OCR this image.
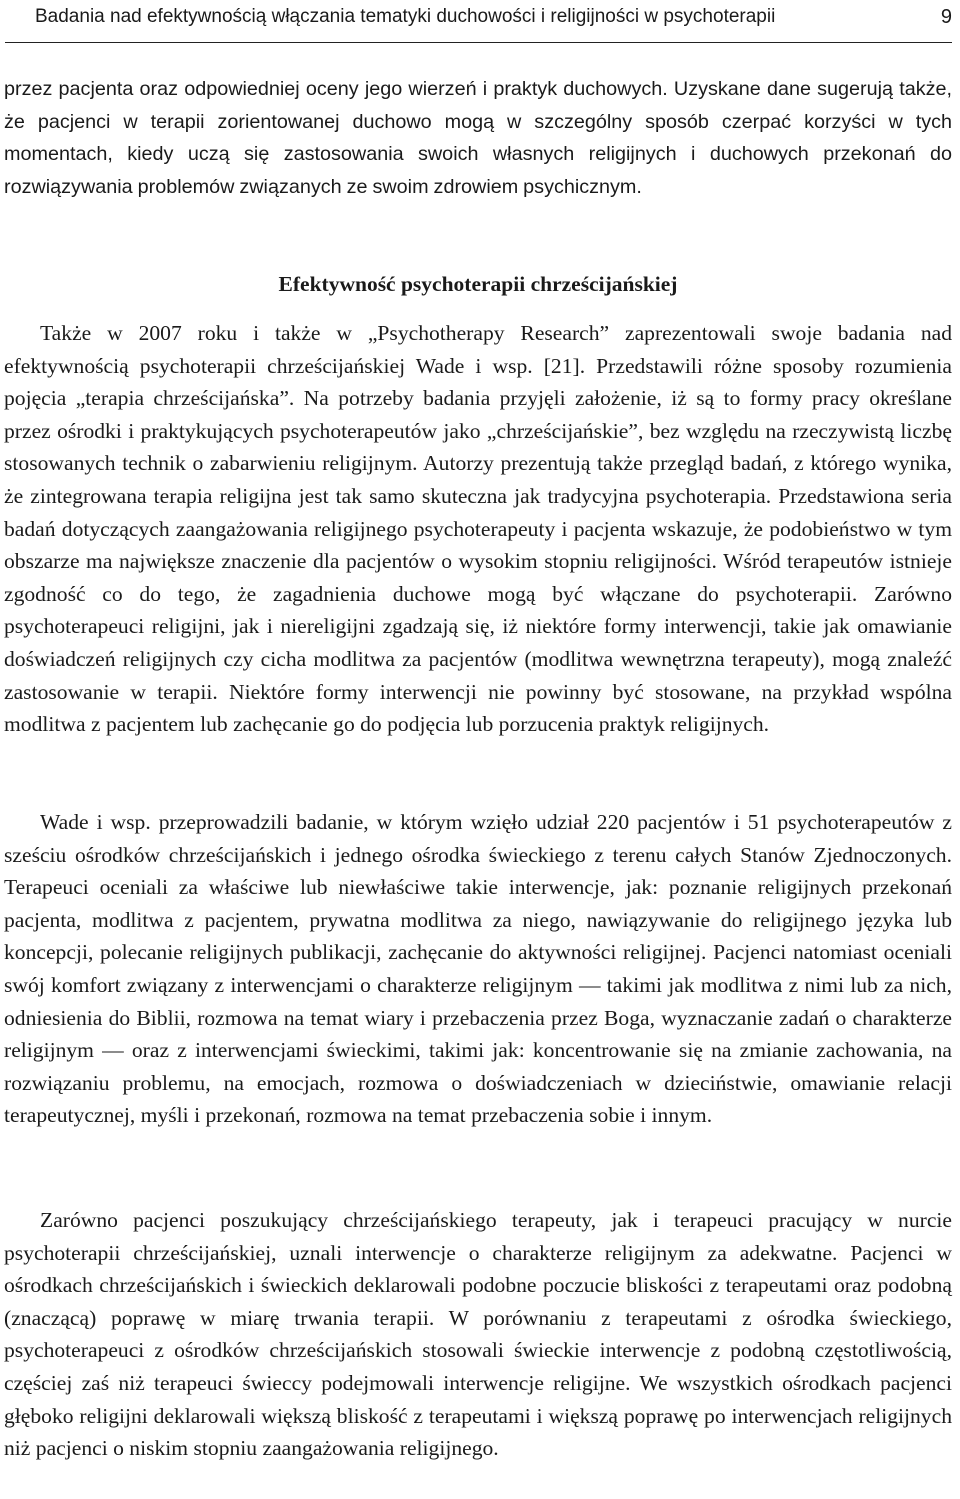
Badania nad efektywnością włączania tematyki duchowości i religijności w psychoterapii	9

przez pacjenta oraz odpowiedniej oceny jego wierzeń i praktyk duchowych. Uzyskane dane sugerują także, że pacjenci w terapii zorientowanej duchowo mogą w szczególny sposób czerpać korzyści w tych momentach, kiedy uczą się zastosowania swoich własnych religijnych i duchowych przekonań do rozwiązywania problemów związanych ze swoim zdrowiem psychicznym.

Efektywność psychoterapii chrześcijańskiej

Także w 2007 roku i także w „Psychotherapy Research” zaprezentowali swoje badania nad efektywnością psychoterapii chrześcijańskiej Wade i wsp. [21]. Przedstawili różne sposoby rozumienia pojęcia „terapia chrześcijańska”. Na potrzeby badania przyjęli założenie, iż są to formy pracy określane przez ośrodki i praktykujących psychoterapeutów jako „chrześcijańskie”, bez względu na rzeczywistą liczbę stosowanych technik o zabarwieniu religijnym. Autorzy prezentują także przegląd badań, z którego wynika, że zintegrowana terapia religijna jest tak samo skuteczna jak tradycyjna psychoterapia. Przedstawiona seria badań dotyczących zaangażowania religijnego psychoterapeuty i pacjenta wskazuje, że podobieństwo w tym obszarze ma największe znaczenie dla pacjentów o wysokim stopniu religijności. Wśród terapeutów istnieje zgodność co do tego, że zagadnienia duchowe mogą być włączane do psychoterapii. Zarówno psychoterapeuci religijni, jak i niereligijni zgadzają się, iż niektóre formy interwencji, takie jak omawianie doświadczeń religijnych czy cicha modlitwa za pacjentów (modlitwa wewnętrzna terapeuty), mogą znaleźć zastosowanie w terapii. Niektóre formy interwencji nie powinny być stosowane, na przykład wspólna modlitwa z pacjentem lub zachęcanie go do podjęcia lub porzucenia praktyk religijnych.

Wade i wsp. przeprowadzili badanie, w którym wzięło udział 220 pacjentów i 51 psychoterapeutów z sześciu ośrodków chrześcijańskich i jednego ośrodka świeckiego z terenu całych Stanów Zjednoczonych. Terapeuci oceniali za właściwe lub niewłaściwe takie interwencje, jak: poznanie religijnych przekonań pacjenta, modlitwa z pacjentem, prywatna modlitwa za niego, nawiązywanie do religijnego języka lub koncepcji, polecanie religijnych publikacji, zachęcanie do aktywności religijnej. Pacjenci natomiast oceniali swój komfort związany z interwencjami o charakterze religijnym — takimi jak modlitwa z nimi lub za nich, odniesienia do Biblii, rozmowa na temat wiary i przebaczenia przez Boga, wyznaczanie zadań o charakterze religijnym — oraz z interwencjami świeckimi, takimi jak: koncentrowanie się na zmianie zachowania, na rozwiązaniu problemu, na emocjach, rozmowa o doświadczeniach w dzieciństwie, omawianie relacji terapeutycznej, myśli i przekonań, rozmowa na temat przebaczenia sobie i innym.

Zarówno pacjenci poszukujący chrześcijańskiego terapeuty, jak i terapeuci pracujący w nurcie psychoterapii chrześcijańskiej, uznali interwencje o charakterze religijnym za adekwatne. Pacjenci w ośrodkach chrześcijańskich i świeckich deklarowali podobne poczucie bliskości z terapeutami oraz podobną (znaczącą) poprawę w miarę trwania terapii. W porównaniu z terapeutami z ośrodka świeckiego, psychoterapeuci z ośrodków chrześcijańskich stosowali świeckie interwencje z podobną częstotliwością, częściej zaś niż terapeuci świeccy podejmowali interwencje religijne. We wszystkich ośrodkach pacjenci głęboko religijni deklarowali większą bliskość z terapeutami i większą poprawę po interwencjach religijnych niż pacjenci o niskim stopniu zaangażowania religijnego.
